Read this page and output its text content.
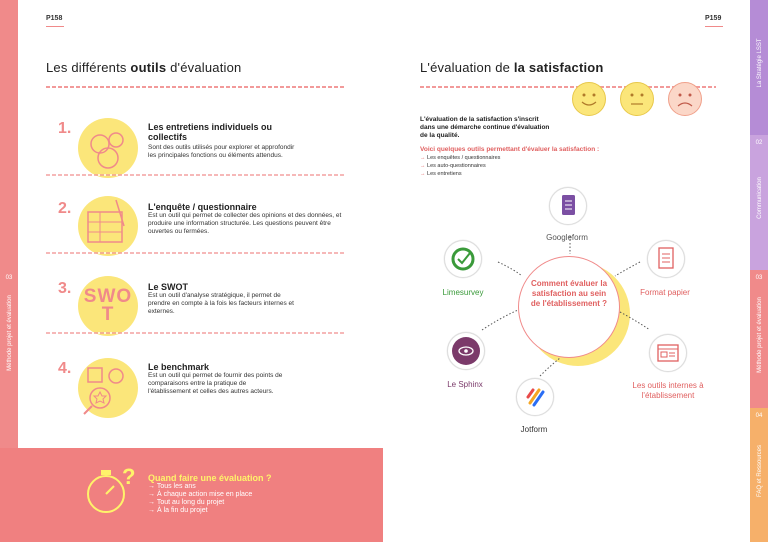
03
Méthode projet et évaluation
P158
Les différents outils d'évaluation
1.	Les entretiens individuels ou collectifs
Sont des outils utilisés pour explorer et approfondir les principales fonctions ou éléments attendus.
2.	L'enquête / questionnaire
Est un outil qui permet de collecter des opinions et des données, et produire une information structurée. Les questions peuvent être ouvertes ou fermées.
3. SWOT
Le SWOT
Est un outil d'analyse stratégique, il permet de prendre en compte à la fois les facteurs internes et externes.
4.	Le benchmark
Est un outil qui permet de fournir des points de comparaisons entre la pratique de l'établissement et celles des autres acteurs.
? Quand faire une évaluation ?
→ Tous les ans
→ À chaque action mise en place
→ Tout au long du projet
→ À la fin du projet
P159
L'évaluation de la satisfaction
L'évaluation de la satisfaction s'inscrit dans une démarche continue d'évaluation de la qualité.
Voici quelques outils permettant d'évaluer la satisfaction :
→ Les enquêtes / questionnaires
→ Les auto-questionnaires
→ Les entretiens
Comment évaluer la satisfaction au sein de l'établissement ?
Googleform
Limesurvey	Format papier
Le Sphinx	Les outils internes à l'établissement
Jotform
La Stratégie LSST
02
Communication
03
Méthode projet et évaluation
04
FAQ et Ressources
